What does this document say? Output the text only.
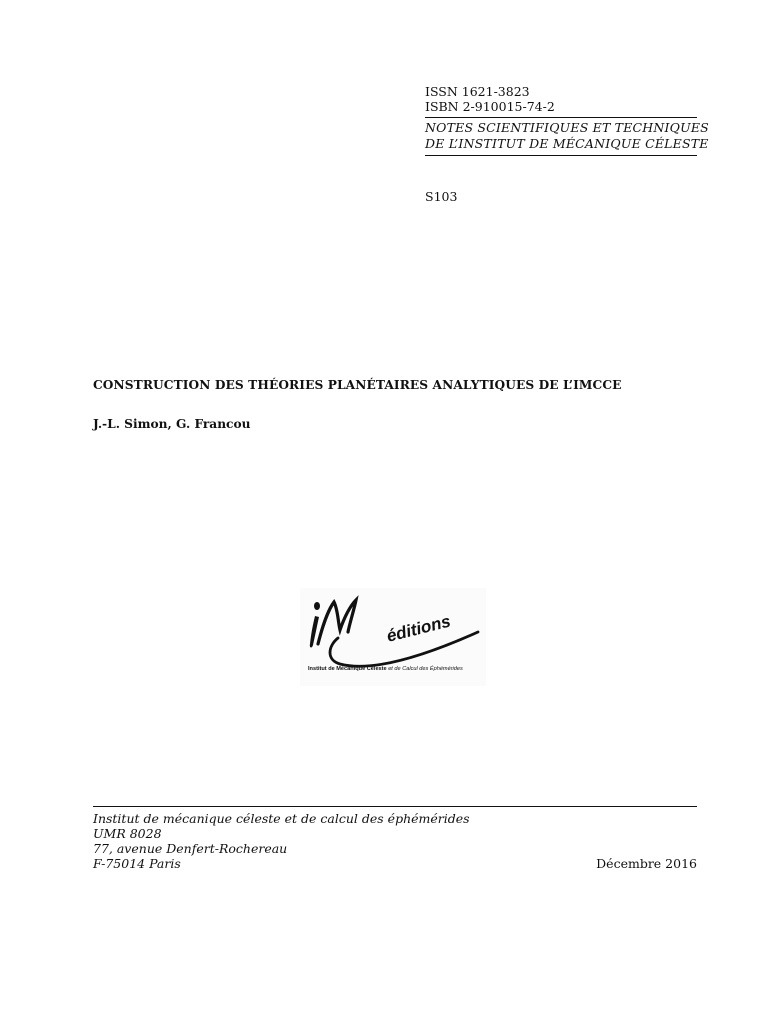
ISSN 1621-3823
ISBN 2-910015-74-2
NOTES SCIENTIFIQUES ET TECHNIQUES
DE L’INSTITUT DE MÉCANIQUE CÉLESTE
S103
CONSTRUCTION DES THÉORIES PLANÉTAIRES ANALYTIQUES DE L’IMCCE
J.-L. Simon, G. Francou
éditions
Institut de Mécanique Céleste et de Calcul des Éphémérides
Institut de mécanique céleste et de calcul des éphémérides
UMR 8028
77, avenue Denfert-Rochereau
F-75014 Paris	Décembre 2016
